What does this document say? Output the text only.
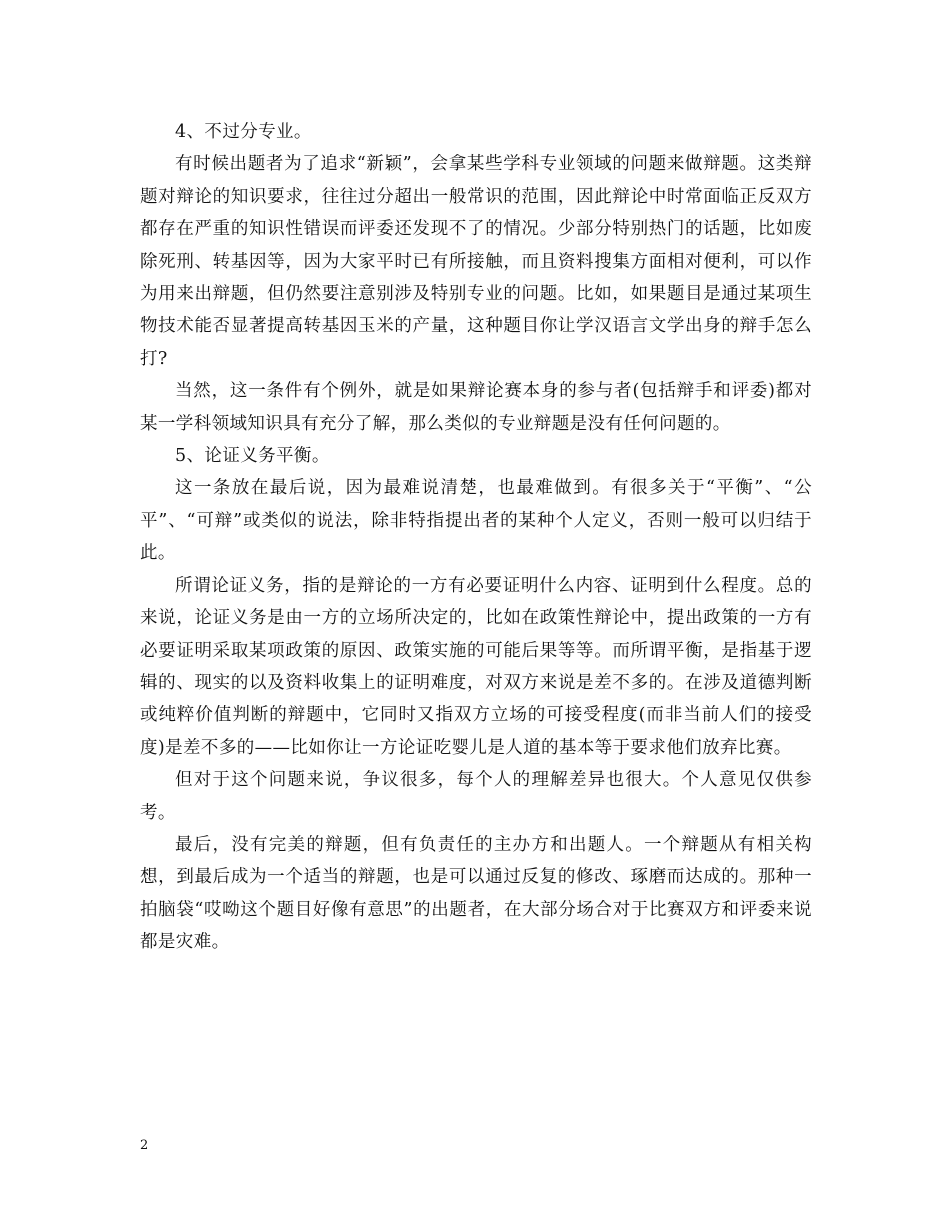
4、不过分专业。

有时候出题者为了追求“新颖”，会拿某些学科专业领域的问题来做辩题。这类辩题对辩论的知识要求，往往过分超出一般常识的范围，因此辩论中时常面临正反双方都存在严重的知识性错误而评委还发现不了的情况。少部分特别热门的话题，比如废除死刑、转基因等，因为大家平时已有所接触，而且资料搜集方面相对便利，可以作为用来出辩题，但仍然要注意别涉及特别专业的问题。比如，如果题目是通过某项生物技术能否显著提高转基因玉米的产量，这种题目你让学汉语言文学出身的辩手怎么打?

当然，这一条件有个例外，就是如果辩论赛本身的参与者(包括辩手和评委)都对某一学科领域知识具有充分了解，那么类似的专业辩题是没有任何问题的。

5、论证义务平衡。

这一条放在最后说，因为最难说清楚，也最难做到。有很多关于“平衡”、“公平”、“可辩”或类似的说法，除非特指提出者的某种个人定义，否则一般可以归结于此。

所谓论证义务，指的是辩论的一方有必要证明什么内容、证明到什么程度。总的来说，论证义务是由一方的立场所决定的，比如在政策性辩论中，提出政策的一方有必要证明采取某项政策的原因、政策实施的可能后果等等。而所谓平衡，是指基于逻辑的、现实的以及资料收集上的证明难度，对双方来说是差不多的。在涉及道德判断或纯粹价值判断的辩题中，它同时又指双方立场的可接受程度(而非当前人们的接受度)是差不多的——比如你让一方论证吃婴儿是人道的基本等于要求他们放弃比赛。

但对于这个问题来说，争议很多，每个人的理解差异也很大。个人意见仅供参考。

最后，没有完美的辩题，但有负责任的主办方和出题人。一个辩题从有相关构想，到最后成为一个适当的辩题，也是可以通过反复的修改、琢磨而达成的。那种一拍脑袋“哎呦这个题目好像有意思”的出题者，在大部分场合对于比赛双方和评委来说都是灾难。

2
